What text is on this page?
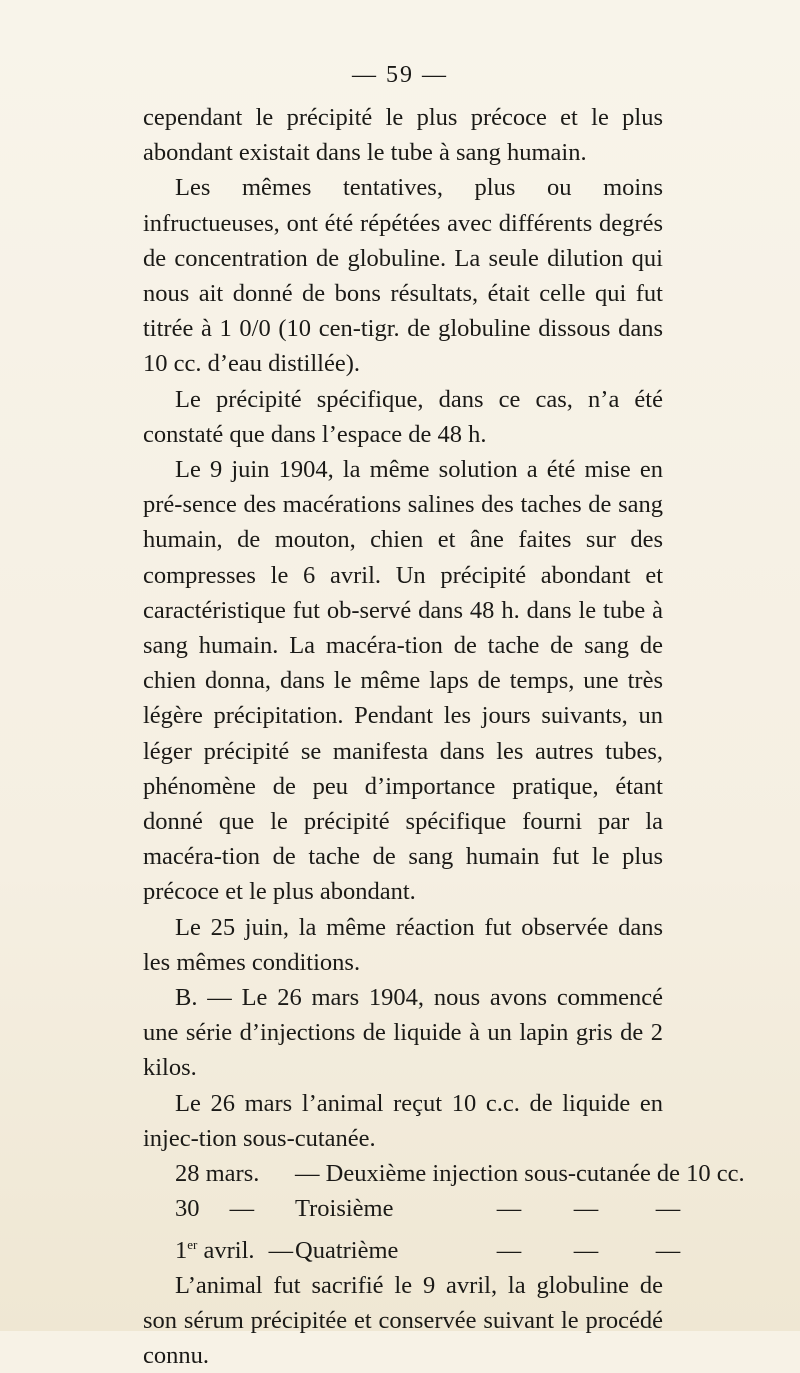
— 59 —

cependant le précipité le plus précoce et le plus abondant existait dans le tube à sang humain.

Les mêmes tentatives, plus ou moins infructueuses, ont été répétées avec différents degrés de concentration de globuline. La seule dilution qui nous ait donné de bons résultats, était celle qui fut titrée à 1 0/0 (10 cen-tigr. de globuline dissous dans 10 cc. d’eau distillée).

Le précipité spécifique, dans ce cas, n’a été constaté que dans l’espace de 48 h.

Le 9 juin 1904, la même solution a été mise en pré-sence des macérations salines des taches de sang humain, de mouton, chien et âne faites sur des compresses le 6 avril. Un précipité abondant et caractéristique fut ob-servé dans 48 h. dans le tube à sang humain. La macéra-tion de tache de sang de chien donna, dans le même laps de temps, une très légère précipitation. Pendant les jours suivants, un léger précipité se manifesta dans les autres tubes, phénomène de peu d’importance pratique, étant donné que le précipité spécifique fourni par la macéra-tion de tache de sang humain fut le plus précoce et le plus abondant.

Le 25 juin, la même réaction fut observée dans les mêmes conditions.

B. — Le 26 mars 1904, nous avons commencé une série d’injections de liquide à un lapin gris de 2 kilos.

Le 26 mars l’animal reçut 10 c.c. de liquide en injec-tion sous-cutanée.

28 mars.	— Deuxième injection sous-cutanée de 10 cc.
30 —	Troisième	—	—	—
1er avril. — Quatrième	—	—	—

L’animal fut sacrifié le 9 avril, la globuline de son sérum précipitée et conservée suivant le procédé connu.
